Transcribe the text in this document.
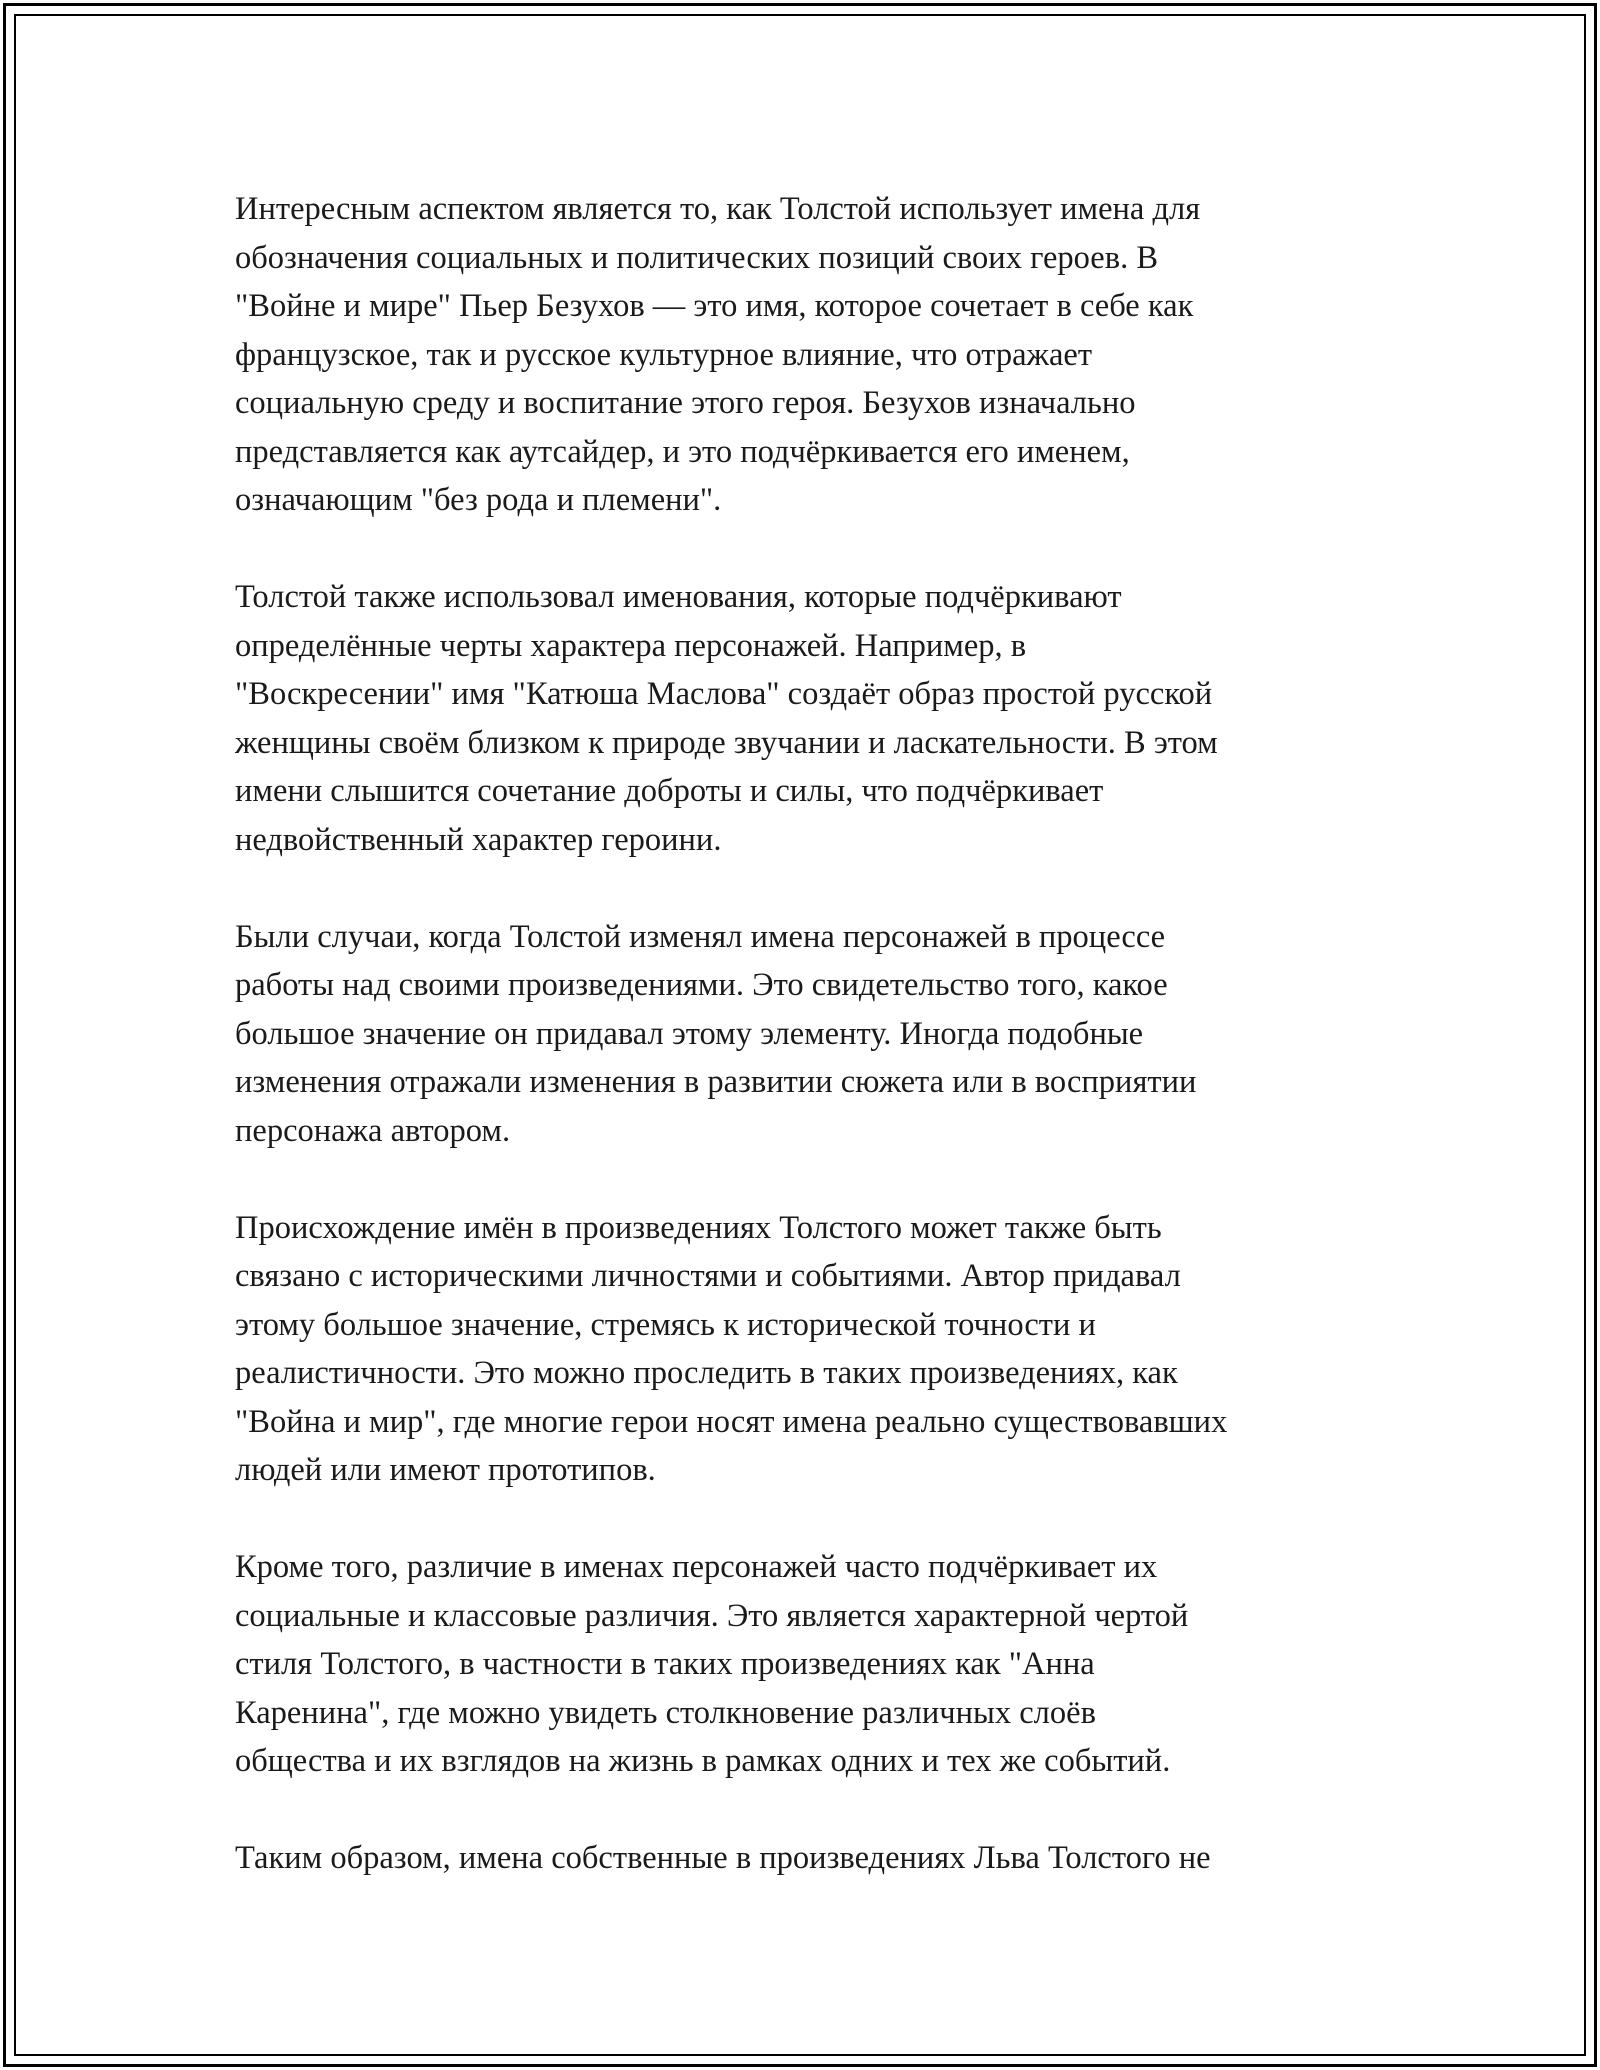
Интересным аспектом является то, как Толстой использует имена для
обозначения социальных и политических позиций своих героев. В
"Войне и мире" Пьер Безухов — это имя, которое сочетает в себе как
французское, так и русское культурное влияние, что отражает
социальную среду и воспитание этого героя. Безухов изначально
представляется как аутсайдер, и это подчёркивается его именем,
означающим "без рода и племени".

Толстой также использовал именования, которые подчёркивают
определённые черты характера персонажей. Например, в
"Воскресении" имя "Катюша Маслова" создаёт образ простой русской
женщины своём близком к природе звучании и ласкательности. В этом
имени слышится сочетание доброты и силы, что подчёркивает
недвойственный характер героини.

Были случаи, когда Толстой изменял имена персонажей в процессе
работы над своими произведениями. Это свидетельство того, какое
большое значение он придавал этому элементу. Иногда подобные
изменения отражали изменения в развитии сюжета или в восприятии
персонажа автором.

Происхождение имён в произведениях Толстого может также быть
связано с историческими личностями и событиями. Автор придавал
этому большое значение, стремясь к исторической точности и
реалистичности. Это можно проследить в таких произведениях, как
"Война и мир", где многие герои носят имена реально существовавших
людей или имеют прототипов.

Кроме того, различие в именах персонажей часто подчёркивает их
социальные и классовые различия. Это является характерной чертой
стиля Толстого, в частности в таких произведениях как "Анна
Каренина", где можно увидеть столкновение различных слоёв
общества и их взглядов на жизнь в рамках одних и тех же событий.

Таким образом, имена собственные в произведениях Льва Толстого не
